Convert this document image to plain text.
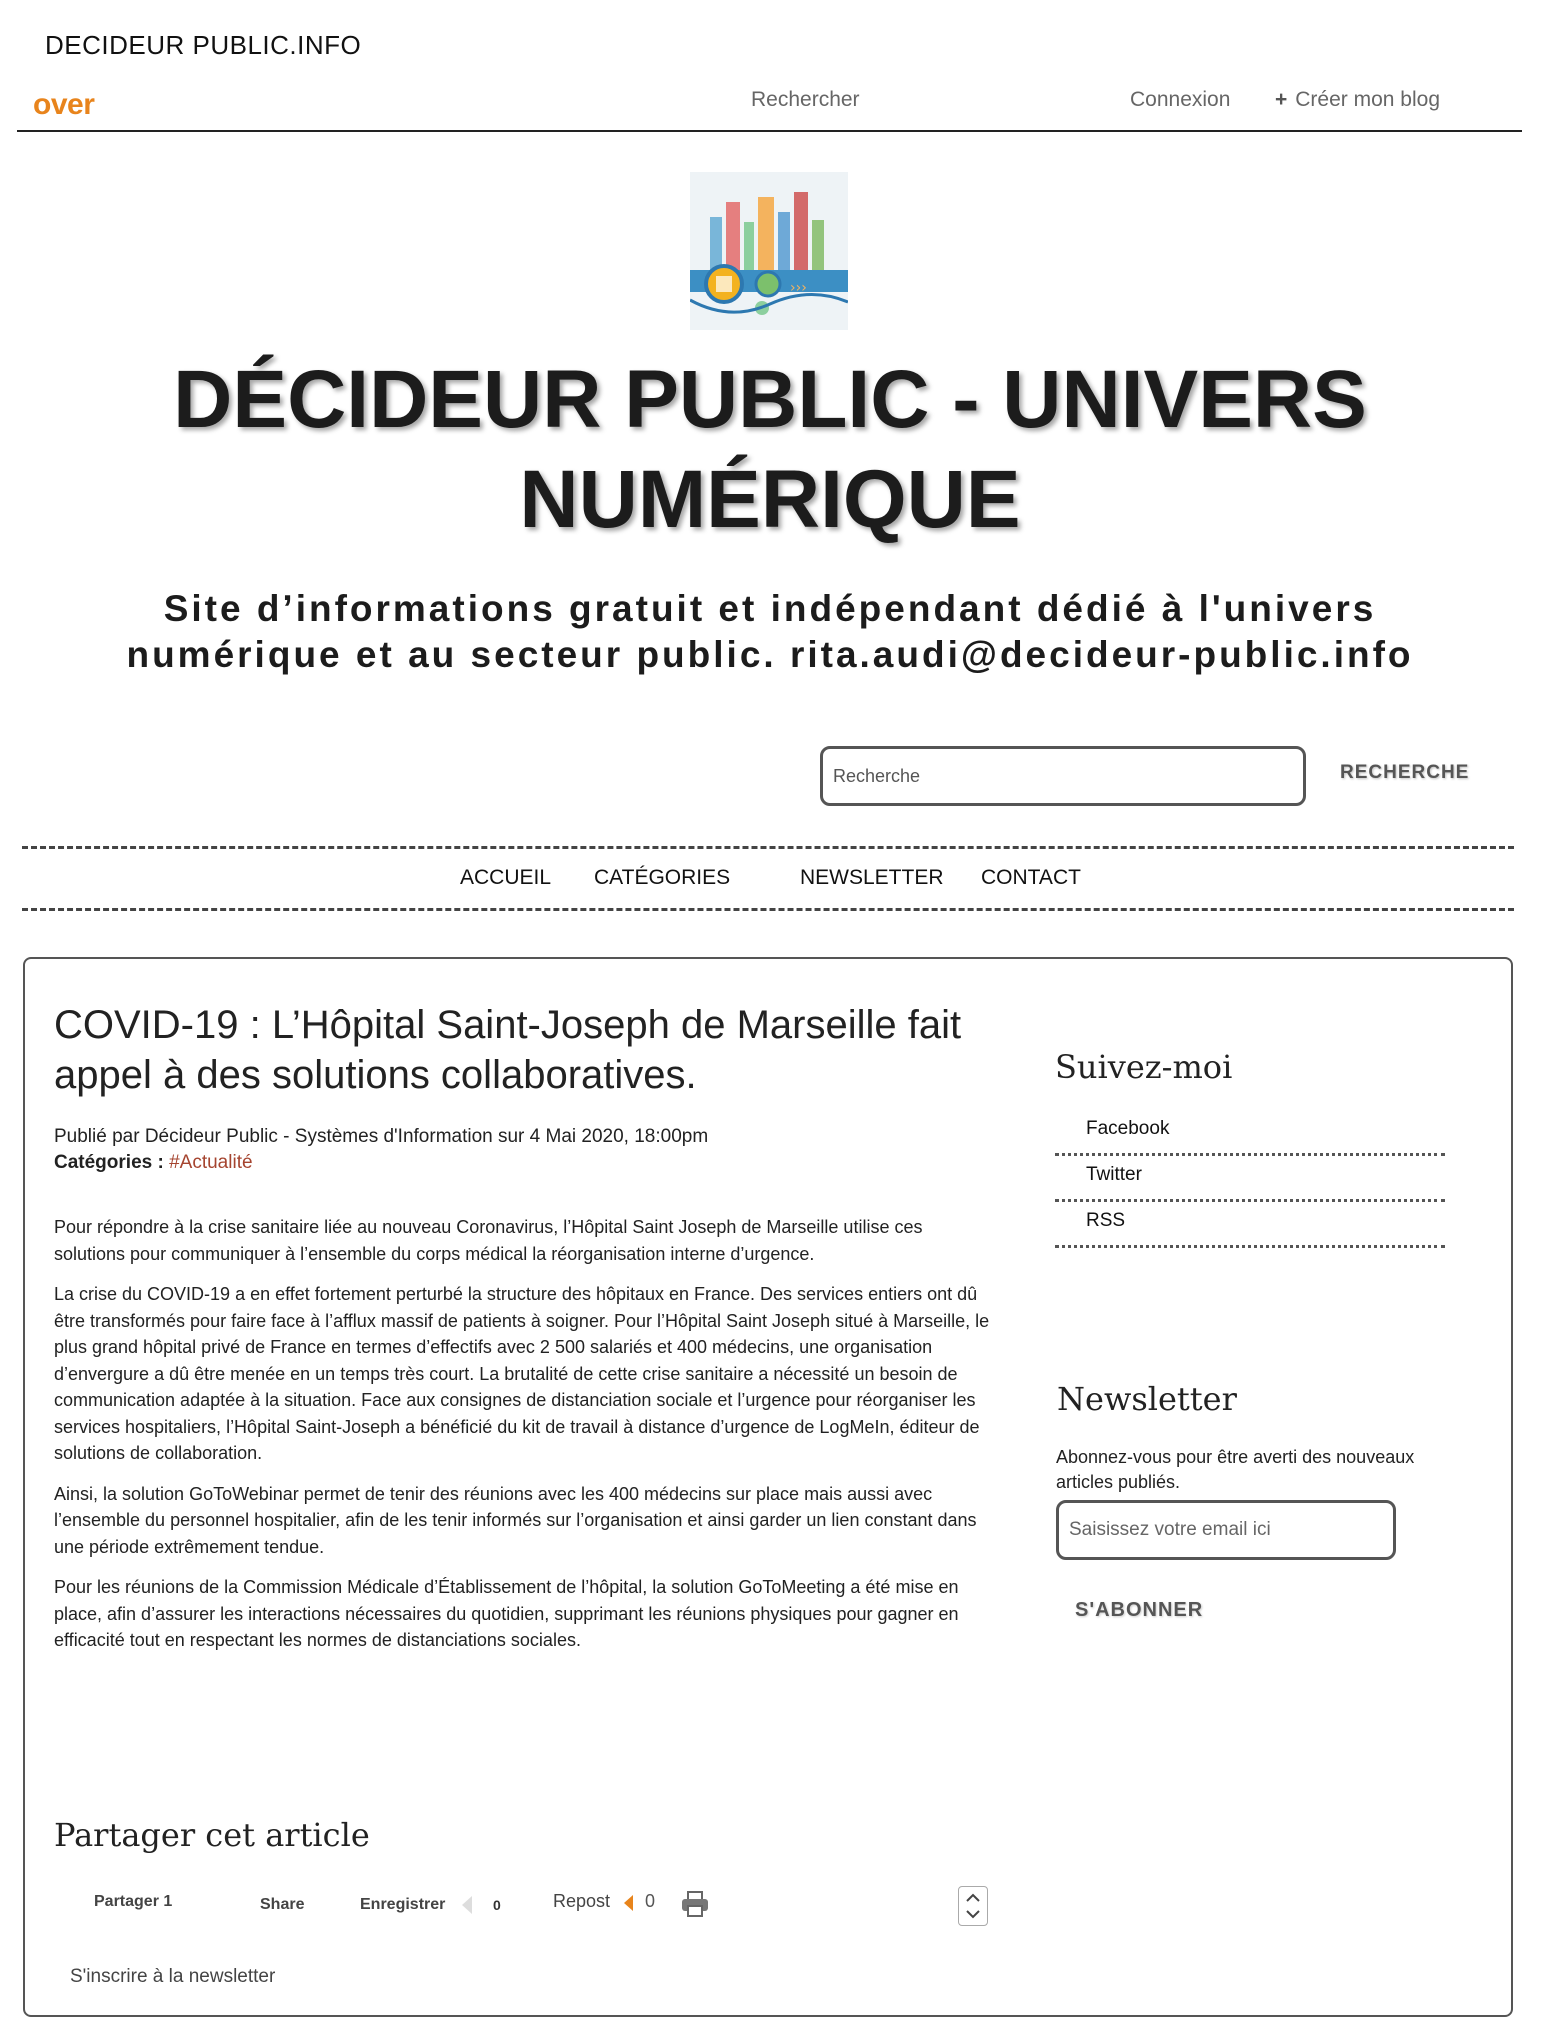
DECIDEUR PUBLIC.INFO
over	Rechercher	Connexion + Créer mon blog
›››
DÉCIDEUR PUBLIC - UNIVERS NUMÉRIQUE
Site d’informations gratuit et indépendant dédié à l'univers numérique et au secteur public. rita.audi@decideur-public.info
Recherche
RECHERCHE
ACCUEIL CATÉGORIES	NEWSLETTER CONTACT
COVID-19 : L’Hôpital Saint-Joseph de Marseille fait appel à des solutions collaboratives.
Publié par Décideur Public - Systèmes d'Information sur 4 Mai 2020, 18:00pm
Catégories : #Actualité

Pour répondre à la crise sanitaire liée au nouveau Coronavirus, l’Hôpital Saint Joseph de Marseille utilise ces solutions pour communiquer à l’ensemble du corps médical la réorganisation interne d’urgence.

La crise du COVID-19 a en effet fortement perturbé la structure des hôpitaux en France. Des services entiers ont dû être transformés pour faire face à l’afflux massif de patients à soigner. Pour l’Hôpital Saint Joseph situé à Marseille, le plus grand hôpital privé de France en termes d’effectifs avec 2 500 salariés et 400 médecins, une organisation d’envergure a dû être menée en un temps très court. La brutalité de cette crise sanitaire a nécessité un besoin de communication adaptée à la situation. Face aux consignes de distanciation sociale et l’urgence pour réorganiser les services hospitaliers, l’Hôpital Saint-Joseph a bénéficié du kit de travail à distance d’urgence de LogMeIn, éditeur de solutions de collaboration.

Ainsi, la solution GoToWebinar permet de tenir des réunions avec les 400 médecins sur place mais aussi avec l’ensemble du personnel hospitalier, afin de les tenir informés sur l’organisation et ainsi garder un lien constant dans une période extrêmement tendue.

Pour les réunions de la Commission Médicale d’Établissement de l’hôpital, la solution GoToMeeting a été mise en place, afin d’assurer les interactions nécessaires du quotidien, supprimant les réunions physiques pour gagner en efficacité tout en respectant les normes de distanciations sociales.

Partager cet article
Partager 1	Share	Enregistrer	0	Repost 0
S'inscrire à la newsletter
Suivez-moi
Facebook
Twitter
RSS
Newsletter
Abonnez-vous pour être averti des nouveaux articles publiés.
Saisissez votre email ici
S'ABONNER
